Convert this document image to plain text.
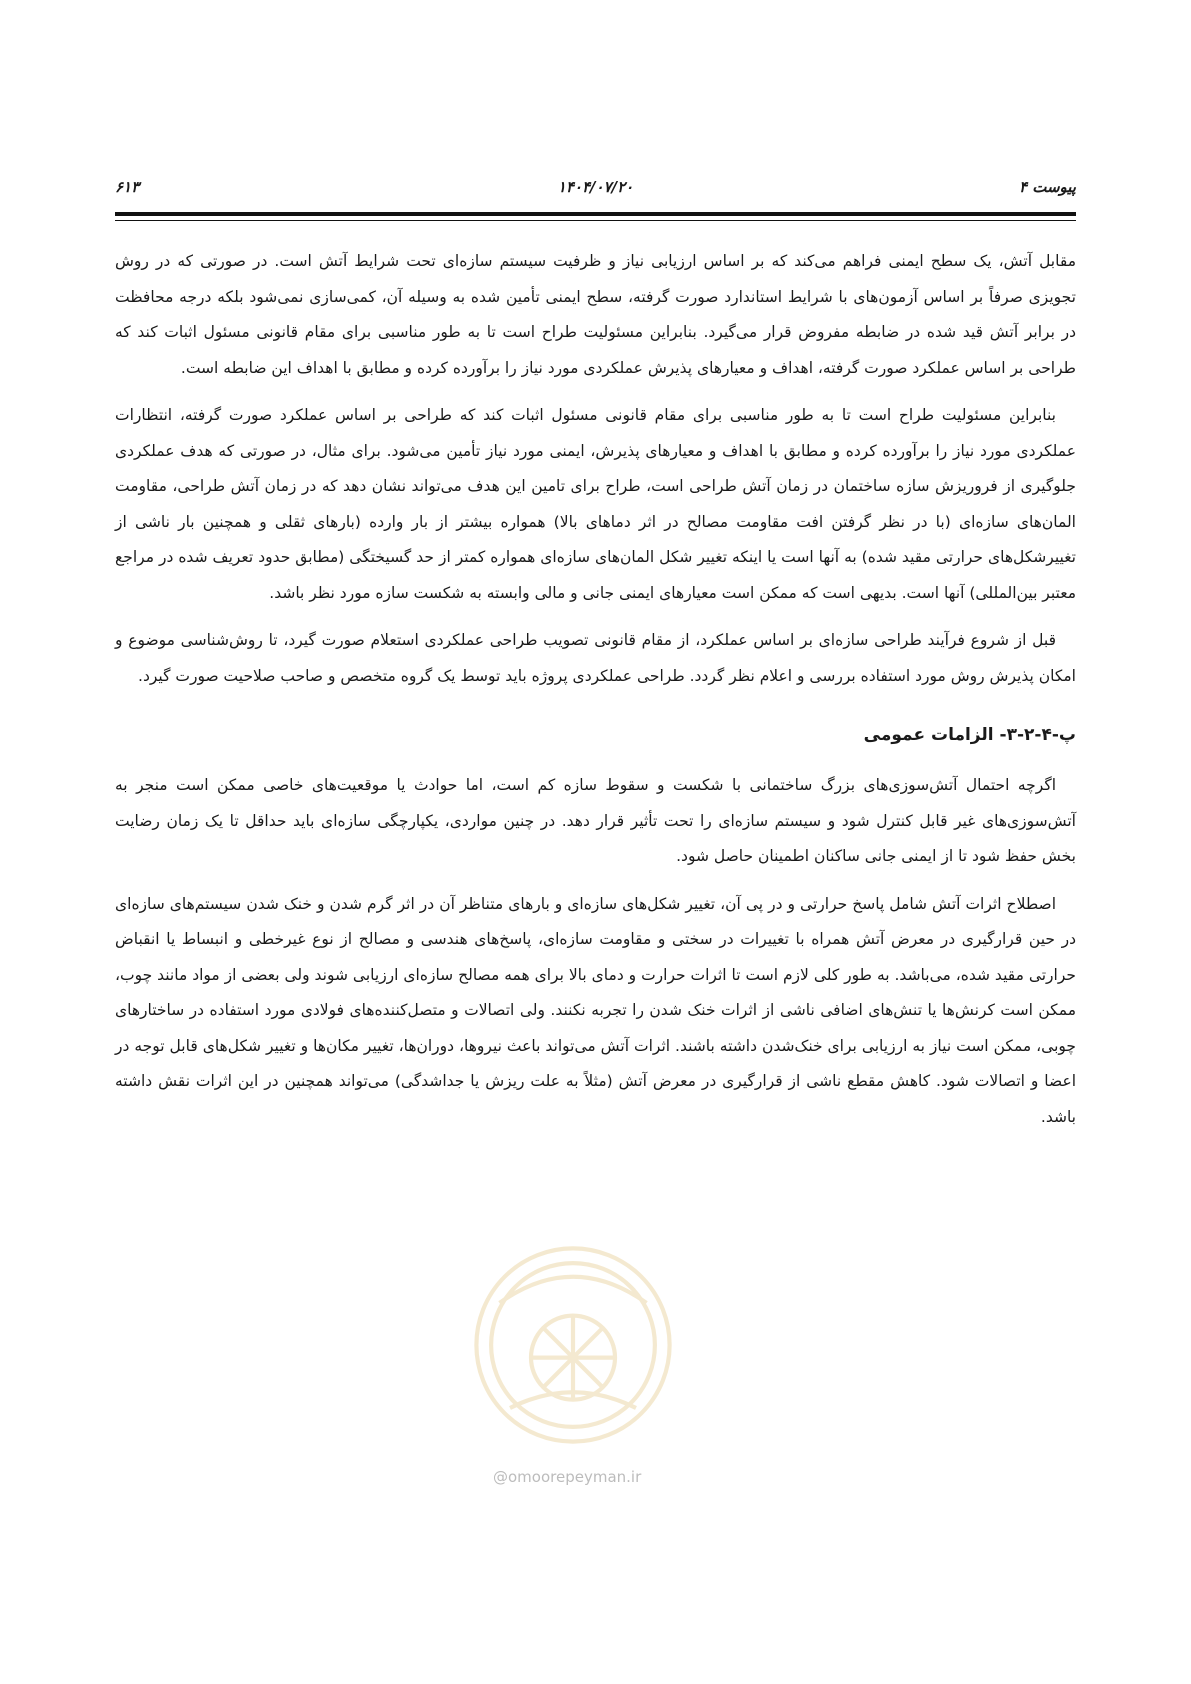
پیوست ۴
۱۴۰۴/۰۷/۲۰
۶۱۳

مقابل آتش، یک سطح ایمنی فراهم می‌کند که بر اساس ارزیابی نیاز و ظرفیت سیستم سازه‌ای تحت شرایط آتش است. در صورتی که در روش تجویزی صرفاً بر اساس آزمون‌های با شرایط استاندارد صورت گرفته، سطح ایمنی تأمین شده به وسیله آن، کمی‌سازی نمی‌شود بلکه درجه محافظت در برابر آتش قید شده در ضابطه مفروض قرار می‌گیرد. بنابراین مسئولیت طراح است تا به طور مناسبی برای مقام قانونی مسئول اثبات کند که طراحی بر اساس عملکرد صورت گرفته، اهداف و معیارهای پذیرش عملکردی مورد نیاز را برآورده کرده و مطابق با اهداف این ضابطه است.

بنابراین مسئولیت طراح است تا به طور مناسبی برای مقام قانونی مسئول اثبات کند که طراحی بر اساس عملکرد صورت گرفته، انتظارات عملکردی مورد نیاز را برآورده کرده و مطابق با اهداف و معیارهای پذیرش، ایمنی مورد نیاز تأمین می‌شود. برای مثال، در صورتی که هدف عملکردی جلوگیری از فروریزش سازه ساختمان در زمان آتش طراحی است، طراح برای تامین این هدف می‌تواند نشان دهد که در زمان آتش طراحی، مقاومت المان‌های سازه‌ای (با در نظر گرفتن افت مقاومت مصالح در اثر دماهای بالا) همواره بیشتر از بار وارده (بارهای ثقلی و همچنین بار ناشی از تغییرشکل‌های حرارتی مقید شده) به آنها است یا اینکه تغییر شکل المان‌های سازه‌ای همواره کمتر از حد گسیختگی (مطابق حدود تعریف شده در مراجع معتبر بین‌المللی) آنها است. بدیهی است که ممکن است معیارهای ایمنی جانی و مالی وابسته به شکست سازه مورد نظر باشد.

قبل از شروع فرآیند طراحی سازه‌ای بر اساس عملکرد، از مقام قانونی تصویب طراحی عملکردی استعلام صورت گیرد، تا روش‌شناسی موضوع و امکان پذیرش روش مورد استفاده بررسی و اعلام نظر گردد. طراحی عملکردی پروژه باید توسط یک گروه متخصص و صاحب صلاحیت صورت گیرد.

پ-۴-۲-۳- الزامات عمومی

اگرچه احتمال آتش‌سوزی‌های بزرگ ساختمانی با شکست و سقوط سازه کم است، اما حوادث یا موقعیت‌های خاصی ممکن است منجر به آتش‌سوزی‌های غیر قابل کنترل شود و سیستم سازه‌ای را تحت تأثیر قرار دهد. در چنین مواردی، یکپارچگی سازه‌ای باید حداقل تا یک زمان رضایت بخش حفظ شود تا از ایمنی جانی ساکنان اطمینان حاصل شود.

اصطلاح اثرات آتش شامل پاسخ حرارتی و در پی آن، تغییر شکل‌های سازه‌ای و بارهای متناظر آن در اثر گرم شدن و خنک شدن سیستم‌های سازه‌ای در حین قرارگیری در معرض آتش همراه با تغییرات در سختی و مقاومت سازه‌ای، پاسخ‌های هندسی و مصالح از نوع غیرخطی و انبساط یا انقباض حرارتی مقید شده، می‌باشد. به طور کلی لازم است تا اثرات حرارت و دمای بالا برای همه مصالح سازه‌ای ارزیابی شوند ولی بعضی از مواد مانند چوب، ممکن است کرنش‌ها یا تنش‌های اضافی ناشی از اثرات خنک شدن را تجربه نکنند. ولی اتصالات و متصل‌کننده‌های فولادی مورد استفاده در ساختارهای چوبی، ممکن است نیاز به ارزیابی برای خنک‌شدن داشته باشند. اثرات آتش می‌تواند باعث نیروها، دوران‌ها، تغییر مکان‌ها و تغییر شکل‌های قابل توجه در اعضا و اتصالات شود. کاهش مقطع ناشی از قرارگیری در معرض آتش (مثلاً به علت ریزش یا جداشدگی) می‌تواند همچنین در این اثرات نقش داشته باشد.

@omoorepeyman.ir
